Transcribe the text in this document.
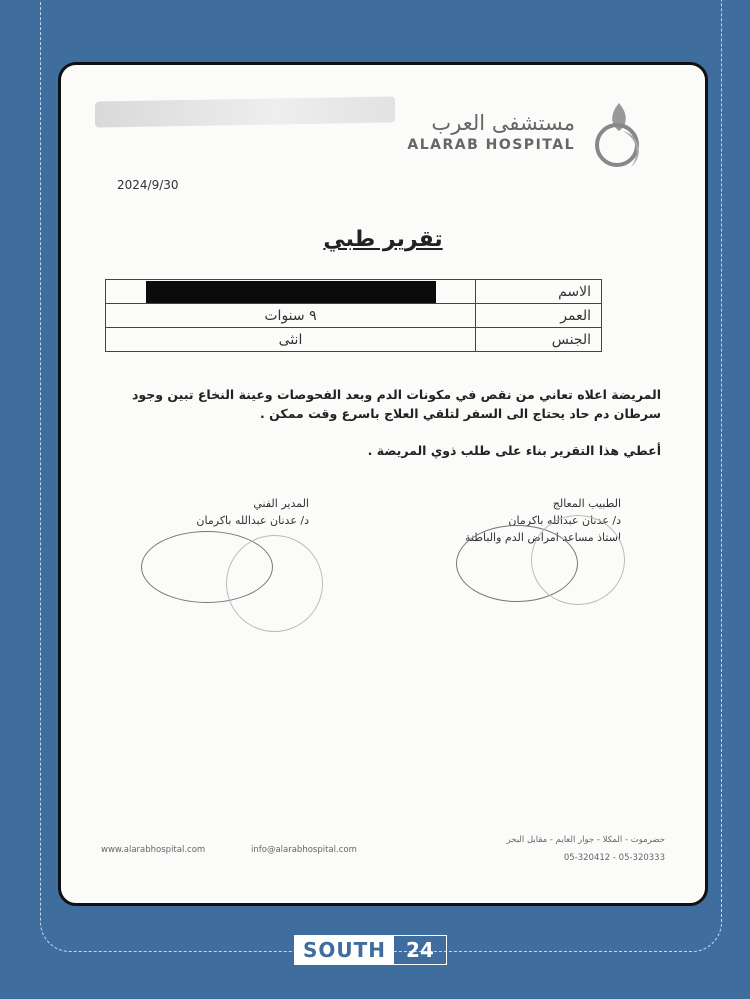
مستشفى العرب
ALARAB HOSPITAL
2024/9/30
تقرير طبي
الاسم	
العمر	٩ سنوات
الجنس	انثى

المريضة اعلاه تعاني من نقص في مكونات الدم وبعد الفحوصات وعينة النخاع تبين وجود

سرطان دم حاد يحتاج الى السفر لتلقي العلاج باسرع وقت ممكن .

أعطي هذا التقرير بناء على طلب ذوي المريضة .
المدير الفني
د/ عدنان عبدالله باكرمان
الطبيب المعالج
د/ عدنان عبدالله باكرمان
استاذ مساعد امراض الدم والباطنة
حضرموت - المكلا - جوار العايم - مقابل البحر
05-320412 - 05-320333
www.alarabhospital.com	info@alarabhospital.com
SOUTH	24
